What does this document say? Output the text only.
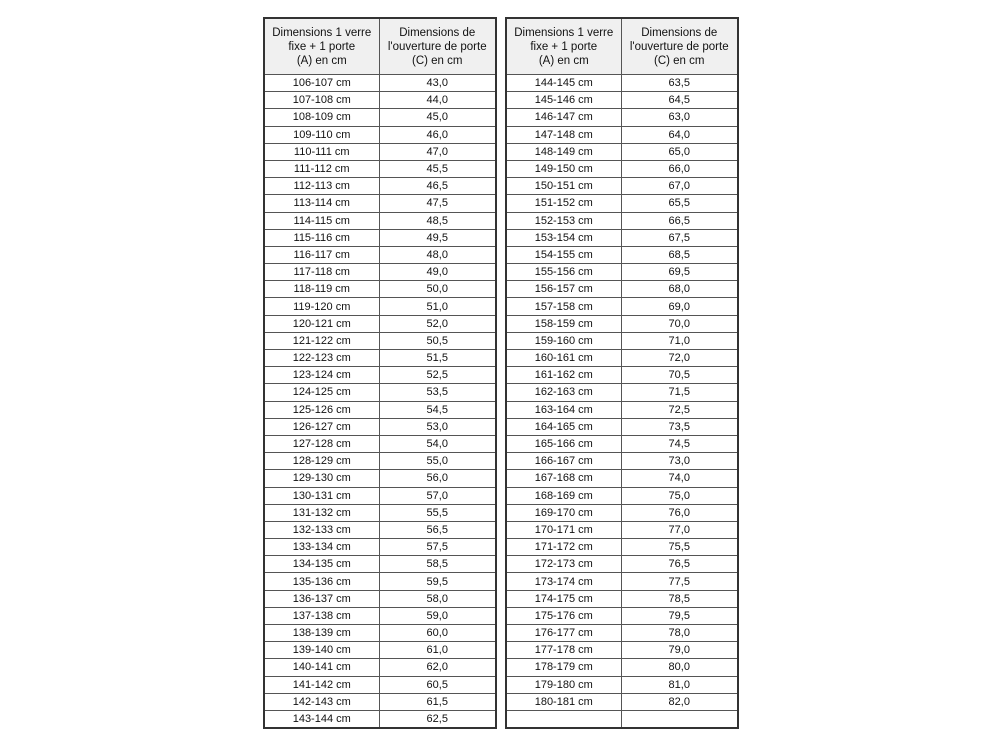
Dimensions 1 verre
fixe + 1 porte
(A) en cm	Dimensions de
l'ouverture de porte
(C) en cm
106-107 cm	43,0
107-108 cm	44,0
108-109 cm	45,0
109-110 cm	46,0
110-111 cm	47,0
111-112 cm	45,5
112-113 cm	46,5
113-114 cm	47,5
114-115 cm	48,5
115-116 cm	49,5
116-117 cm	48,0
117-118 cm	49,0
118-119 cm	50,0
119-120 cm	51,0
120-121 cm	52,0
121-122 cm	50,5
122-123 cm	51,5
123-124 cm	52,5
124-125 cm	53,5
125-126 cm	54,5
126-127 cm	53,0
127-128 cm	54,0
128-129 cm	55,0
129-130 cm	56,0
130-131 cm	57,0
131-132 cm	55,5
132-133 cm	56,5
133-134 cm	57,5
134-135 cm	58,5
135-136 cm	59,5
136-137 cm	58,0
137-138 cm	59,0
138-139 cm	60,0
139-140 cm	61,0
140-141 cm	62,0
141-142 cm	60,5
142-143 cm	61,5
143-144 cm	62,5
Dimensions 1 verre
fixe + 1 porte
(A) en cm	Dimensions de
l'ouverture de porte
(C) en cm
144-145 cm	63,5
145-146 cm	64,5
146-147 cm	63,0
147-148 cm	64,0
148-149 cm	65,0
149-150 cm	66,0
150-151 cm	67,0
151-152 cm	65,5
152-153 cm	66,5
153-154 cm	67,5
154-155 cm	68,5
155-156 cm	69,5
156-157 cm	68,0
157-158 cm	69,0
158-159 cm	70,0
159-160 cm	71,0
160-161 cm	72,0
161-162 cm	70,5
162-163 cm	71,5
163-164 cm	72,5
164-165 cm	73,5
165-166 cm	74,5
166-167 cm	73,0
167-168 cm	74,0
168-169 cm	75,0
169-170 cm	76,0
170-171 cm	77,0
171-172 cm	75,5
172-173 cm	76,5
173-174 cm	77,5
174-175 cm	78,5
175-176 cm	79,5
176-177 cm	78,0
177-178 cm	79,0
178-179 cm	80,0
179-180 cm	81,0
180-181 cm	82,0
